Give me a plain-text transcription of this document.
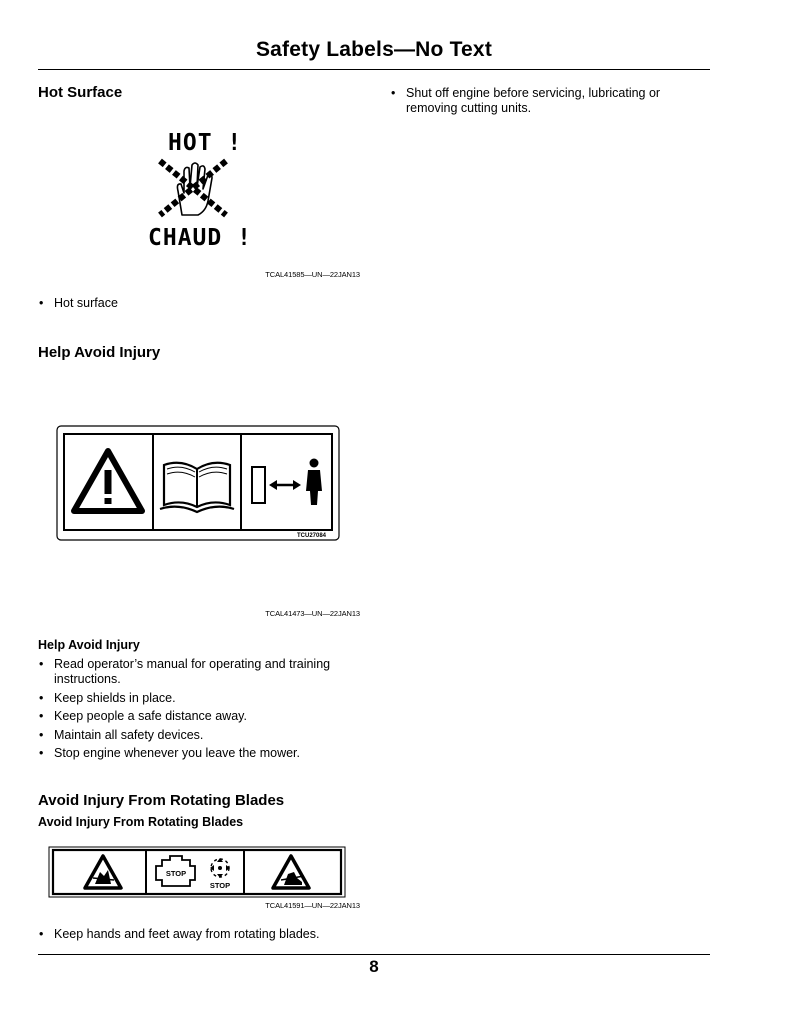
Safety Labels—No Text
Hot Surface
HOT !
CHAUD !
TCAL41585—UN—22JAN13
• Hot surface
Help Avoid Injury
TCU27084
TCAL41473—UN—22JAN13
Help Avoid Injury
• Read operator’s manual for operating and training instructions.
• Keep shields in place.
• Keep people a safe distance away.
• Maintain all safety devices.
• Stop engine whenever you leave the mower.
Avoid Injury From Rotating Blades
Avoid Injury From Rotating Blades
STOP
STOP
TCAL41591—UN—22JAN13
• Keep hands and feet away from rotating blades.
• Shut off engine before servicing, lubricating or removing cutting units.
8
